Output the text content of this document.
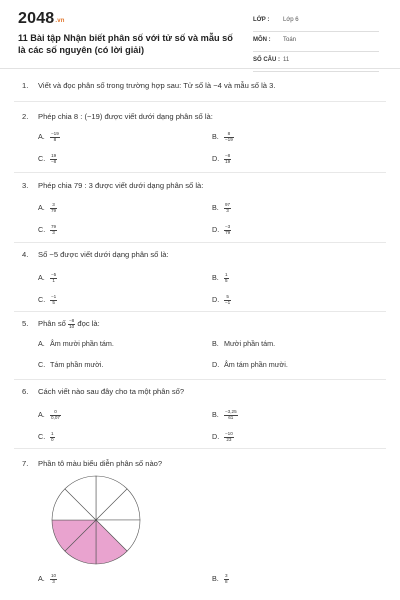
2048.vn
11 Bài tập Nhận biết phân số với tử số và mẫu số là các số nguyên (có lời giải)
LỚP : Lớp 6
MÔN : Toán
SỐ CÂU : 11
1. Viết và đọc phân số trong trường hợp sau: Tử số là −4 và mẫu số là 3.
2. Phép chia 8 : (−19) được viết dưới dạng phân số là:
A. $\frac{-19}{8}$	B. $\frac{8}{-19}$
C. $\frac{19}{-8}$	D. $\frac{-8}{19}$
3. Phép chia 79 : 3 được viết dưới dạng phân số là:
A. $\frac{3}{79}$	B. $\frac{97}{3}$
C. $\frac{79}{3}$	D. $\frac{-3}{79}$
4. Số −5 được viết dưới dạng phân số là:
A. $\frac{-5}{1}$	B. $\frac{1}{5}$
C. $\frac{-1}{5}$	D. $\frac{5}{-1}$
5. Phân số $\frac{-8}{10}$ đọc là:
A. Âm mười phần tám.	B. Mười phần tám.
C. Tám phần mười.	D. Âm tám phần mười.
6. Cách viết nào sau đây cho ta một phân số?
A. $\frac{0}{0,07}$	B. $\frac{-3,25}{61}$
C. $\frac{1}{0}$	D. $\frac{-10}{23}$
7. Phần tô màu biểu diễn phân số nào?
A. $\frac{10}{3}$	B. $\frac{3}{8}$
